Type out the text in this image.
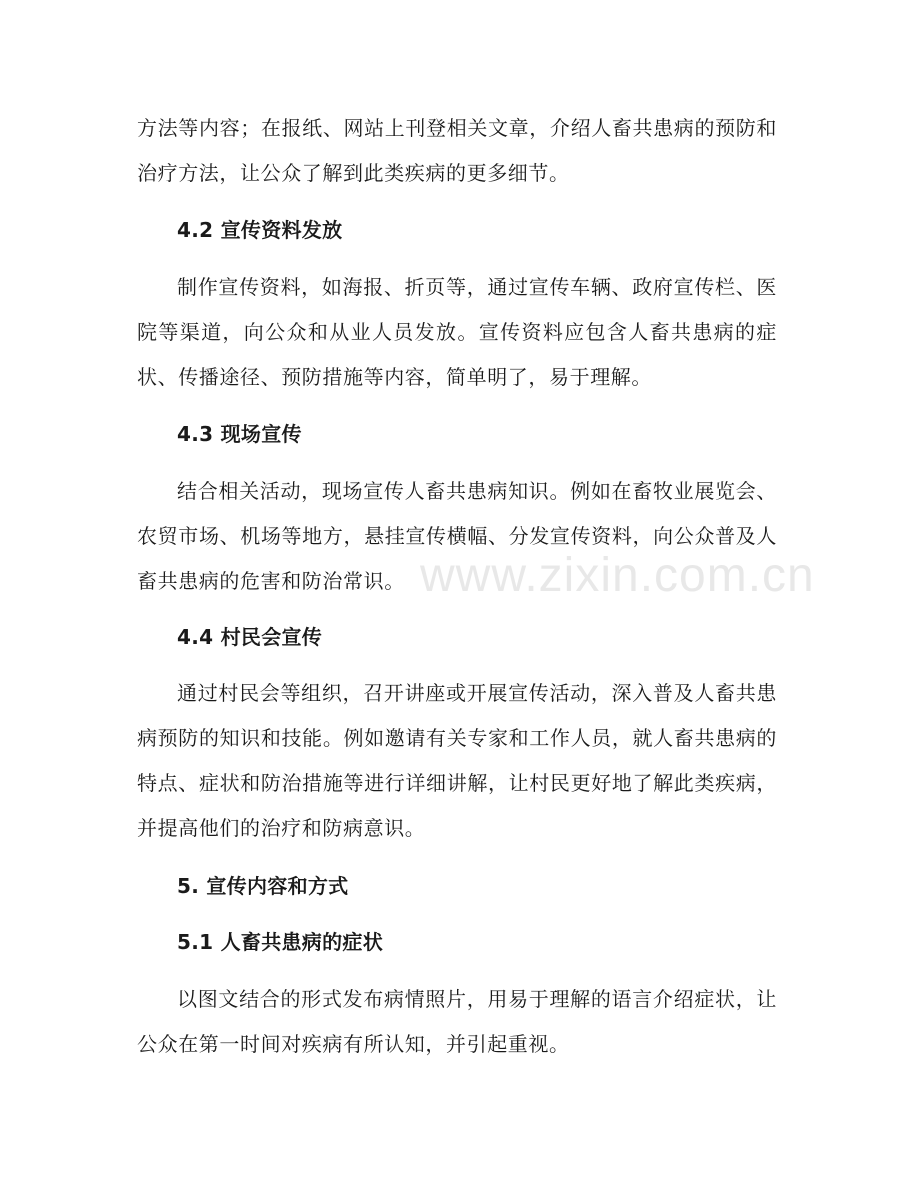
方法等内容；在报纸、网站上刊登相关文章，介绍人畜共患病的预防和治疗方法，让公众了解到此类疾病的更多细节。

4.2 宣传资料发放

制作宣传资料，如海报、折页等，通过宣传车辆、政府宣传栏、医院等渠道，向公众和从业人员发放。宣传资料应包含人畜共患病的症状、传播途径、预防措施等内容，简单明了，易于理解。

4.3 现场宣传

结合相关活动，现场宣传人畜共患病知识。例如在畜牧业展览会、农贸市场、机场等地方，悬挂宣传横幅、分发宣传资料，向公众普及人畜共患病的危害和防治常识。

4.4 村民会宣传

通过村民会等组织，召开讲座或开展宣传活动，深入普及人畜共患病预防的知识和技能。例如邀请有关专家和工作人员，就人畜共患病的特点、症状和防治措施等进行详细讲解，让村民更好地了解此类疾病，并提高他们的治疗和防病意识。

5. 宣传内容和方式

5.1 人畜共患病的症状

以图文结合的形式发布病情照片，用易于理解的语言介绍症状，让公众在第一时间对疾病有所认知，并引起重视。

www.zixin.com.cn
